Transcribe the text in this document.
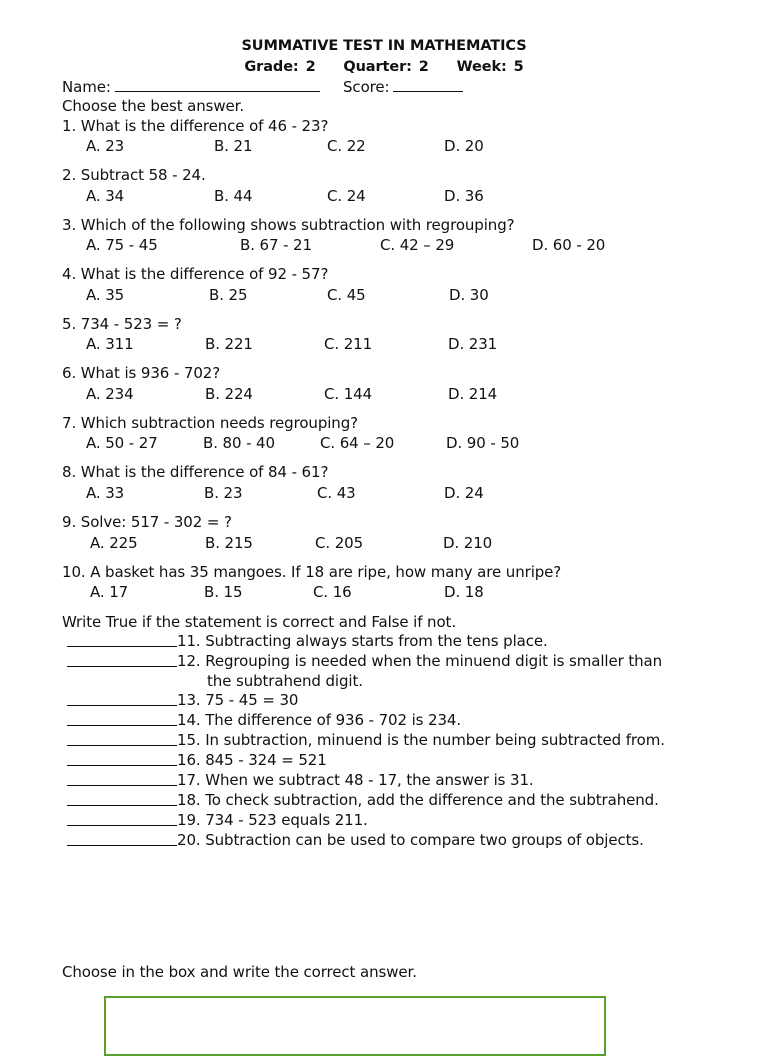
SUMMATIVE TEST IN MATHEMATICS
Grade: 2 Quarter: 2 Week: 5
Name:	Score:
Choose the best answer.
1. What is the difference of 46 - 23?
A. 23	B. 21	C. 22	D. 20
2. Subtract 58 - 24.
A. 34	B. 44	C. 24	D. 36
3. Which of the following shows subtraction with regrouping?
A. 75 - 45	B. 67 - 21	C. 42 – 29	D. 60 - 20
4. What is the difference of 92 - 57?
A. 35	B. 25	C. 45	D. 30
5. 734 - 523 = ?
A. 311	B. 221	C. 211	D. 231
6. What is 936 - 702?
A. 234	B. 224	C. 144	D. 214
7. Which subtraction needs regrouping?
A. 50 - 27	B. 80 - 40	C. 64 – 20	D. 90 - 50
8. What is the difference of 84 - 61?
A. 33	B. 23	C. 43	D. 24
9. Solve: 517 - 302 = ?
A. 225	B. 215	C. 205	D. 210
10. A basket has 35 mangoes. If 18 are ripe, how many are unripe?
A. 17	B. 15	C. 16	D. 18
Write True if the statement is correct and False if not.
11. Subtracting always starts from the tens place.
12. Regrouping is needed when the minuend digit is smaller than
the subtrahend digit.
13. 75 - 45 = 30
14. The difference of 936 - 702 is 234.
15. In subtraction, minuend is the number being subtracted from.
16. 845 - 324 = 521
17. When we subtract 48 - 17, the answer is 31.
18. To check subtraction, add the difference and the subtrahend.
19. 734 - 523 equals 211.
20. Subtraction can be used to compare two groups of objects.
Choose in the box and write the correct answer.
